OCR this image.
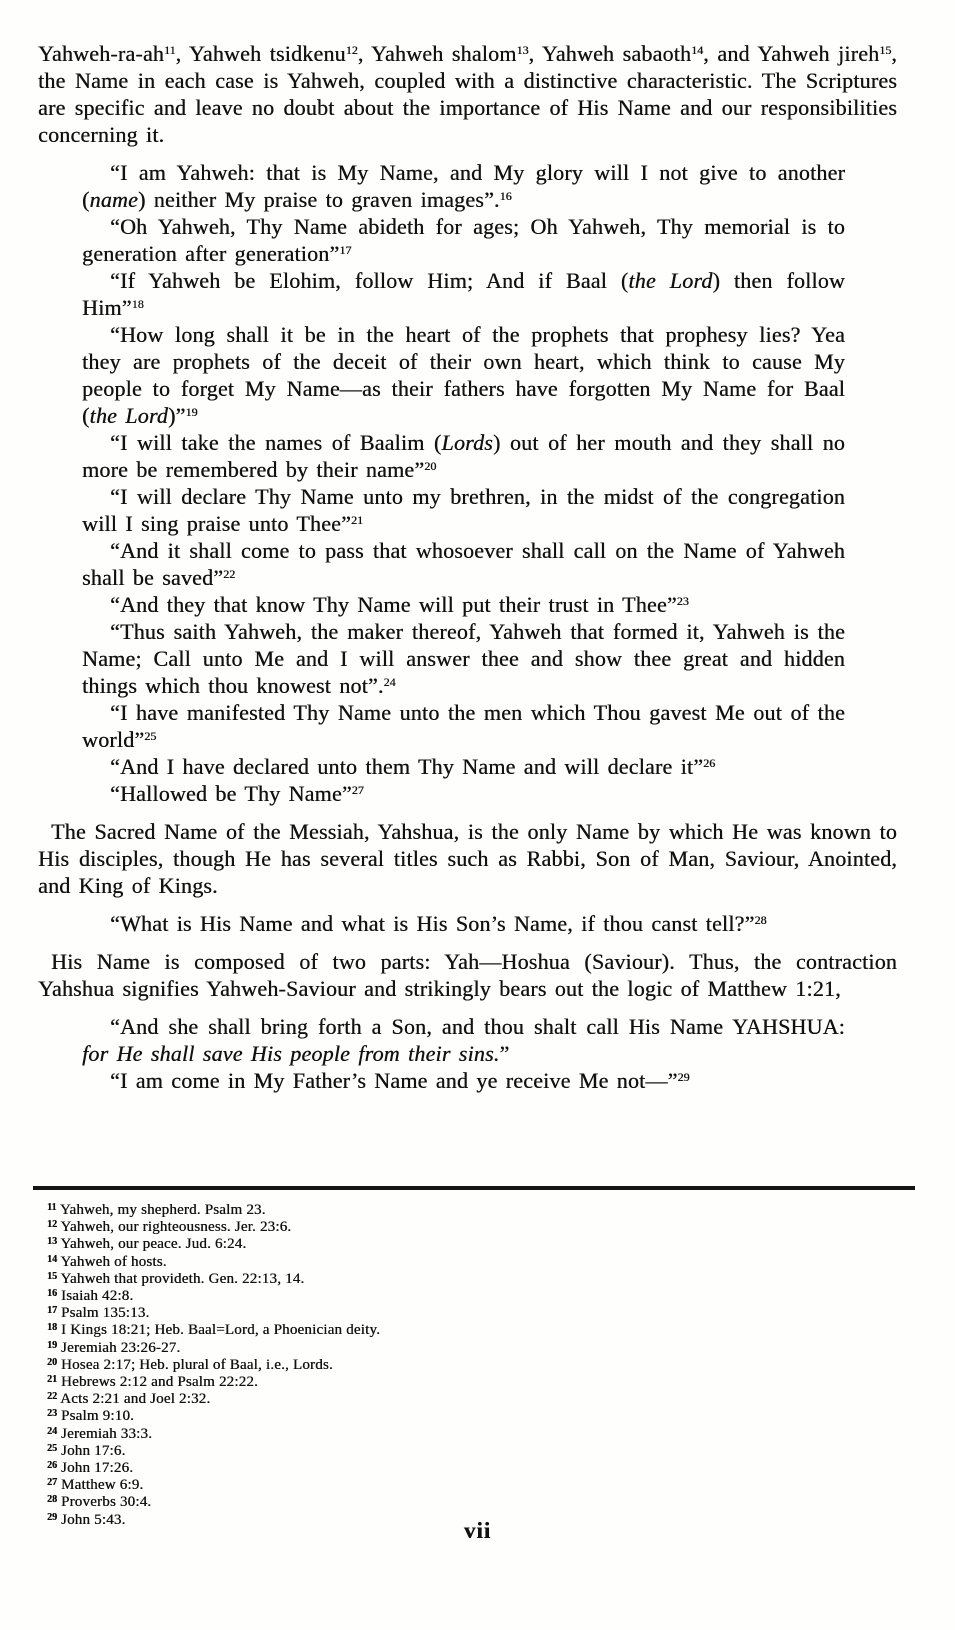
Yahweh-$ra-ah^{11}$, Yahweh tsidkenu$^{12}$, Yahweh shalom$^{13}$, Yahweh sabaoth$^{14}$, and Yahweh jireh$^{15}$, the Name in each case is Yahweh, coupled with a distinctive characteristic. The Scriptures are specific and leave no doubt about the importance of His Name and our responsibilities concerning it.

“I am Yahweh: that is My Name, and My glory will I not give to another (name) neither My praise to graven images”.$^{16}$

“Oh Yahweh, Thy Name abideth for ages; Oh Yahweh, Thy memorial is to generation after generation”$^{17}$

“If Yahweh be Elohim, follow Him; And if Baal (the Lord) then follow Him”$^{18}$

“How long shall it be in the heart of the prophets that prophesy lies? Yea they are prophets of the deceit of their own heart, which think to cause My people to forget My Name—as their fathers have forgotten My Name for Baal (the Lord)”$^{19}$

“I will take the names of Baalim (Lords) out of her mouth and they shall no more be remembered by their name”$^{20}$

“I will declare Thy Name unto my brethren, in the midst of the congregation will I sing praise unto Thee”$^{21}$

“And it shall come to pass that whosoever shall call on the Name of Yahweh shall be saved”$^{22}$

“And they that know Thy Name will put their trust in Thee”$^{23}$

“Thus saith Yahweh, the maker thereof, Yahweh that formed it, Yahweh is the Name; Call unto Me and I will answer thee and show thee great and hidden things which thou knowest not”.$^{24}$

“I have manifested Thy Name unto the men which Thou gavest Me out of the world”$^{25}$

“And I have declared unto them Thy Name and will declare it”$^{26}$

“Hallowed be Thy Name”$^{27}$

The Sacred Name of the Messiah, Yahshua, is the only Name by which He was known to His disciples, though He has several titles such as Rabbi, Son of Man, Saviour, Anointed, and King of Kings.

“What is His Name and what is His Son’s Name, if thou canst tell?”$^{28}$

His Name is composed of two parts: Yah—Hoshua (Saviour). Thus, the contraction Yahshua signifies Yahweh-Saviour and strikingly bears out the logic of Matthew 1:21,

“And she shall bring forth a Son, and thou shalt call His Name YAHSHUA: for He shall save His people from their sins.”

“I am come in My Father’s Name and ye receive Me not—”$^{29}$

$^{11}$ Yahweh, my shepherd. Psalm 23.
$^{12}$ Yahweh, our righteousness. Jer. 23:6.
$^{13}$ Yahweh, our peace. Jud. 6:24.
$^{14}$ Yahweh of hosts.
$^{15}$ Yahweh that provideth. Gen. 22:13, 14.
$^{16}$ Isaiah 42:8.
$^{17}$ Psalm 135:13.
$^{18}$ I Kings 18:21; Heb. Baal=Lord, a Phoenician deity.
$^{19}$ Jeremiah 23:26-27.
$^{20}$ Hosea 2:17; Heb. plural of Baal, i.e., Lords.
$^{21}$ Hebrews 2:12 and Psalm 22:22.
$^{22}$ Acts 2:21 and Joel 2:32.
$^{23}$ Psalm 9:10.
$^{24}$ Jeremiah 33:3.
$^{25}$ John 17:6.
$^{26}$ John 17:26.
$^{27}$ Matthew 6:9.
$^{28}$ Proverbs 30:4.
$^{29}$ John 5:43.	vii
